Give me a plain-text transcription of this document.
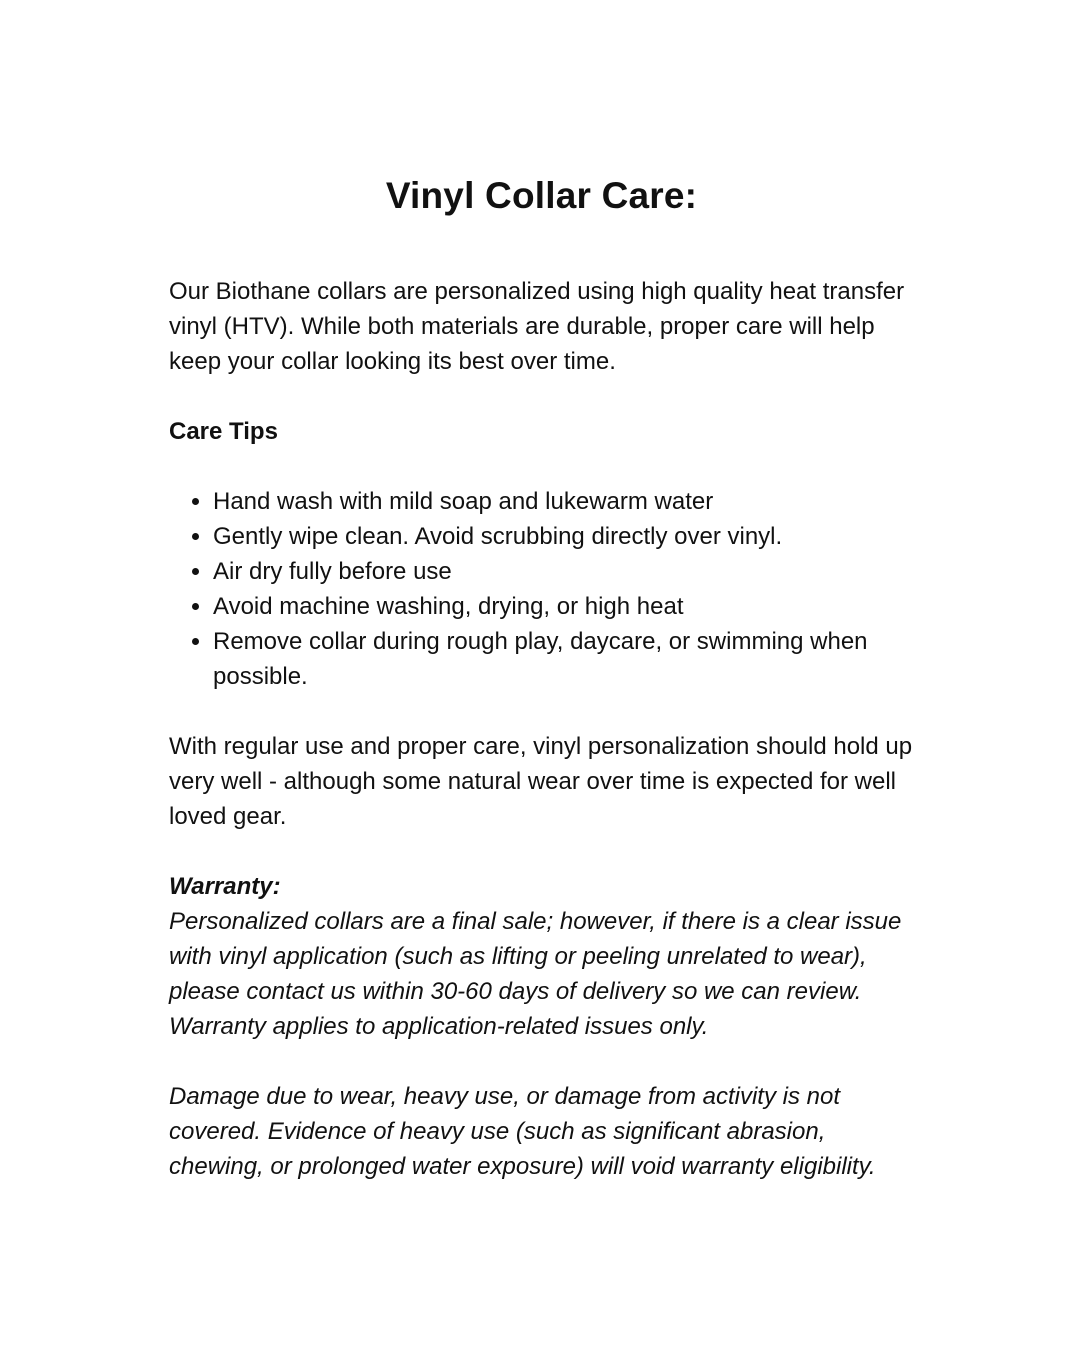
Vinyl Collar Care:

Our Biothane collars are personalized using high quality heat transfer vinyl (HTV). While both materials are durable, proper care will help keep your collar looking its best over time.

Care Tips
• Hand wash with mild soap and lukewarm water
• Gently wipe clean. Avoid scrubbing directly over vinyl.
• Air dry fully before use
• Avoid machine washing, drying, or high heat
• Remove collar during rough play, daycare, or swimming when possible.

With regular use and proper care, vinyl personalization should hold up very well - although some natural wear over time is expected for well loved gear.

Warranty:

Personalized collars are a final sale; however, if there is a clear issue with vinyl application (such as lifting or peeling unrelated to wear), please contact us within 30-60 days of delivery so we can review. Warranty applies to application-related issues only.

Damage due to wear, heavy use, or damage from activity is not covered. Evidence of heavy use (such as significant abrasion, chewing, or prolonged water exposure) will void warranty eligibility.
